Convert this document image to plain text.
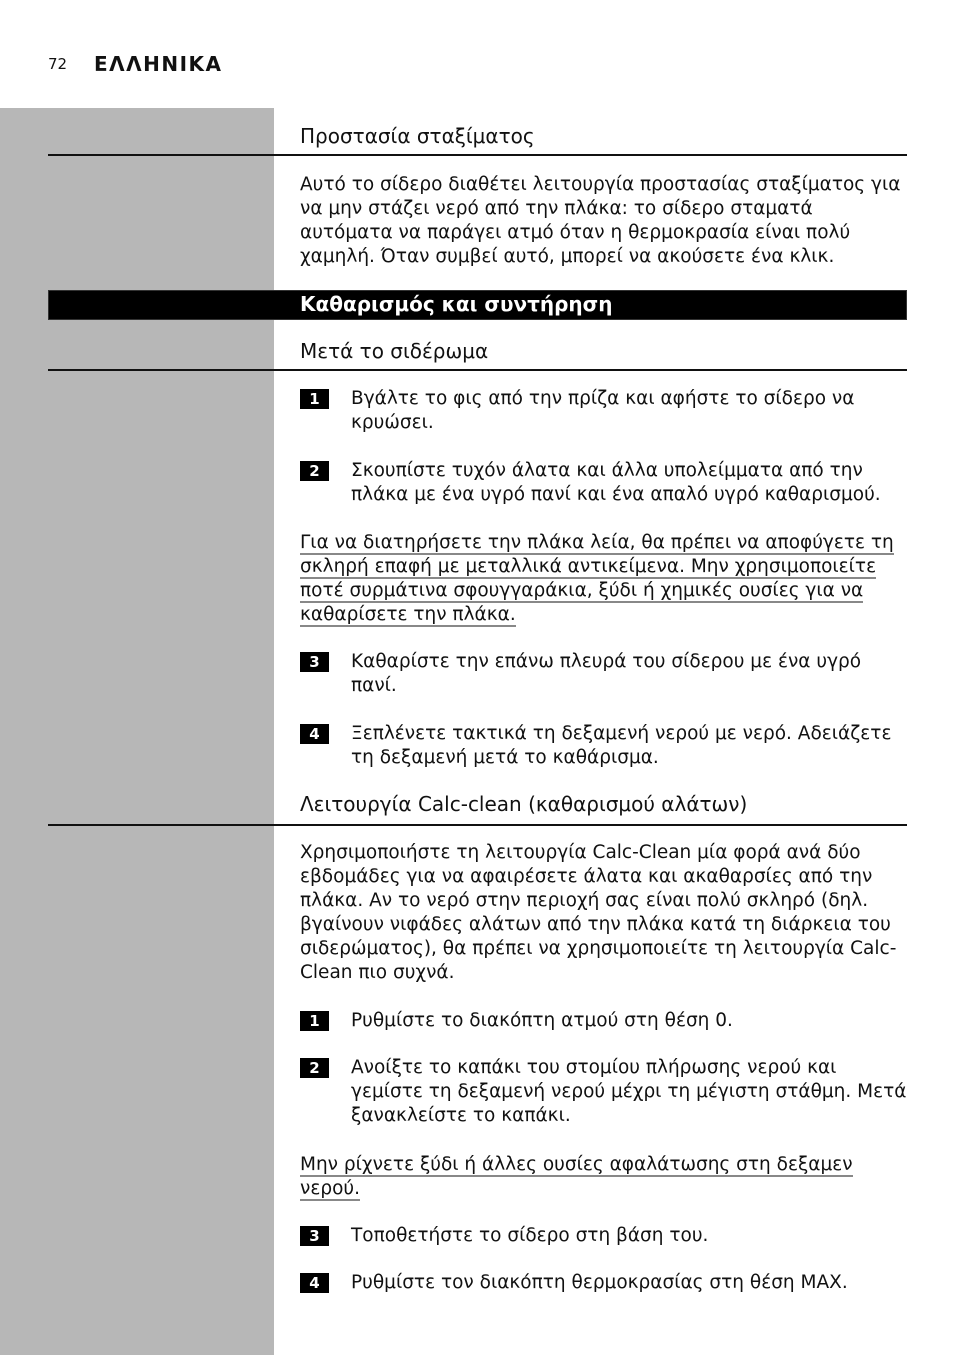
72 ΕΛΛΗΝΙΚΑ
Προστασία σταξίματος
Αυτό το σίδερο διαθέτει λειτουργία προστασίας σταξίματος για να μην στάζει νερό από την πλάκα: το σίδερο σταματά αυτόματα να παράγει ατμό όταν η θερμοκρασία είναι πολύ χαμηλή. Όταν συμβεί αυτό, μπορεί να ακούσετε ένα κλικ.
Καθαρισμός και συντήρηση
Μετά το σιδέρωμα
1	Βγάλτε το φις από την πρίζα και αφήστε το σίδερο να κρυώσει.
2	Σκουπίστε τυχόν άλατα και άλλα υπολείμματα από την πλάκα με ένα υγρό πανί και ένα απαλό υγρό καθαρισμού.
Για να διατηρήσετε την πλάκα λεία, θα πρέπει να αποφύγετε τη σκληρή επαφή με μεταλλικά αντικείμενα. Μην χρησιμοποιείτε ποτέ συρμάτινα σφουγγαράκια, ξύδι ή χημικές ουσίες για να καθαρίσετε την πλάκα.
3	Καθαρίστε την επάνω πλευρά του σίδερου με ένα υγρό πανί.
4	Ξεπλένετε τακτικά τη δεξαμενή νερού με νερό. Αδειάζετε τη δεξαμενή μετά το καθάρισμα.
Λειτουργία Calc-clean (καθαρισμού αλάτων)
Χρησιμοποιήστε τη λειτουργία Calc-Clean μία φορά ανά δύο εβδομάδες για να αφαιρέσετε άλατα και ακαθαρσίες από την πλάκα. Αν το νερό στην περιοχή σας είναι πολύ σκληρό (δηλ. βγαίνουν νιφάδες αλάτων από την πλάκα κατά τη διάρκεια του σιδερώματος), θα πρέπει να χρησιμοποιείτε τη λειτουργία Calc-Clean πιο συχνά.
1	Ρυθμίστε το διακόπτη ατμού στη θέση 0.
2	Ανοίξτε το καπάκι του στομίου πλήρωσης νερού και γεμίστε τη δεξαμενή νερού μέχρι τη μέγιστη στάθμη. Μετά ξανακλείστε το καπάκι.
Μην ρίχνετε ξύδι ή άλλες ουσίες αφαλάτωσης στη δεξαμεν νερού.
3	Τοποθετήστε το σίδερο στη βάση του.
4	Ρυθμίστε τον διακόπτη θερμοκρασίας στη θέση MAX.
